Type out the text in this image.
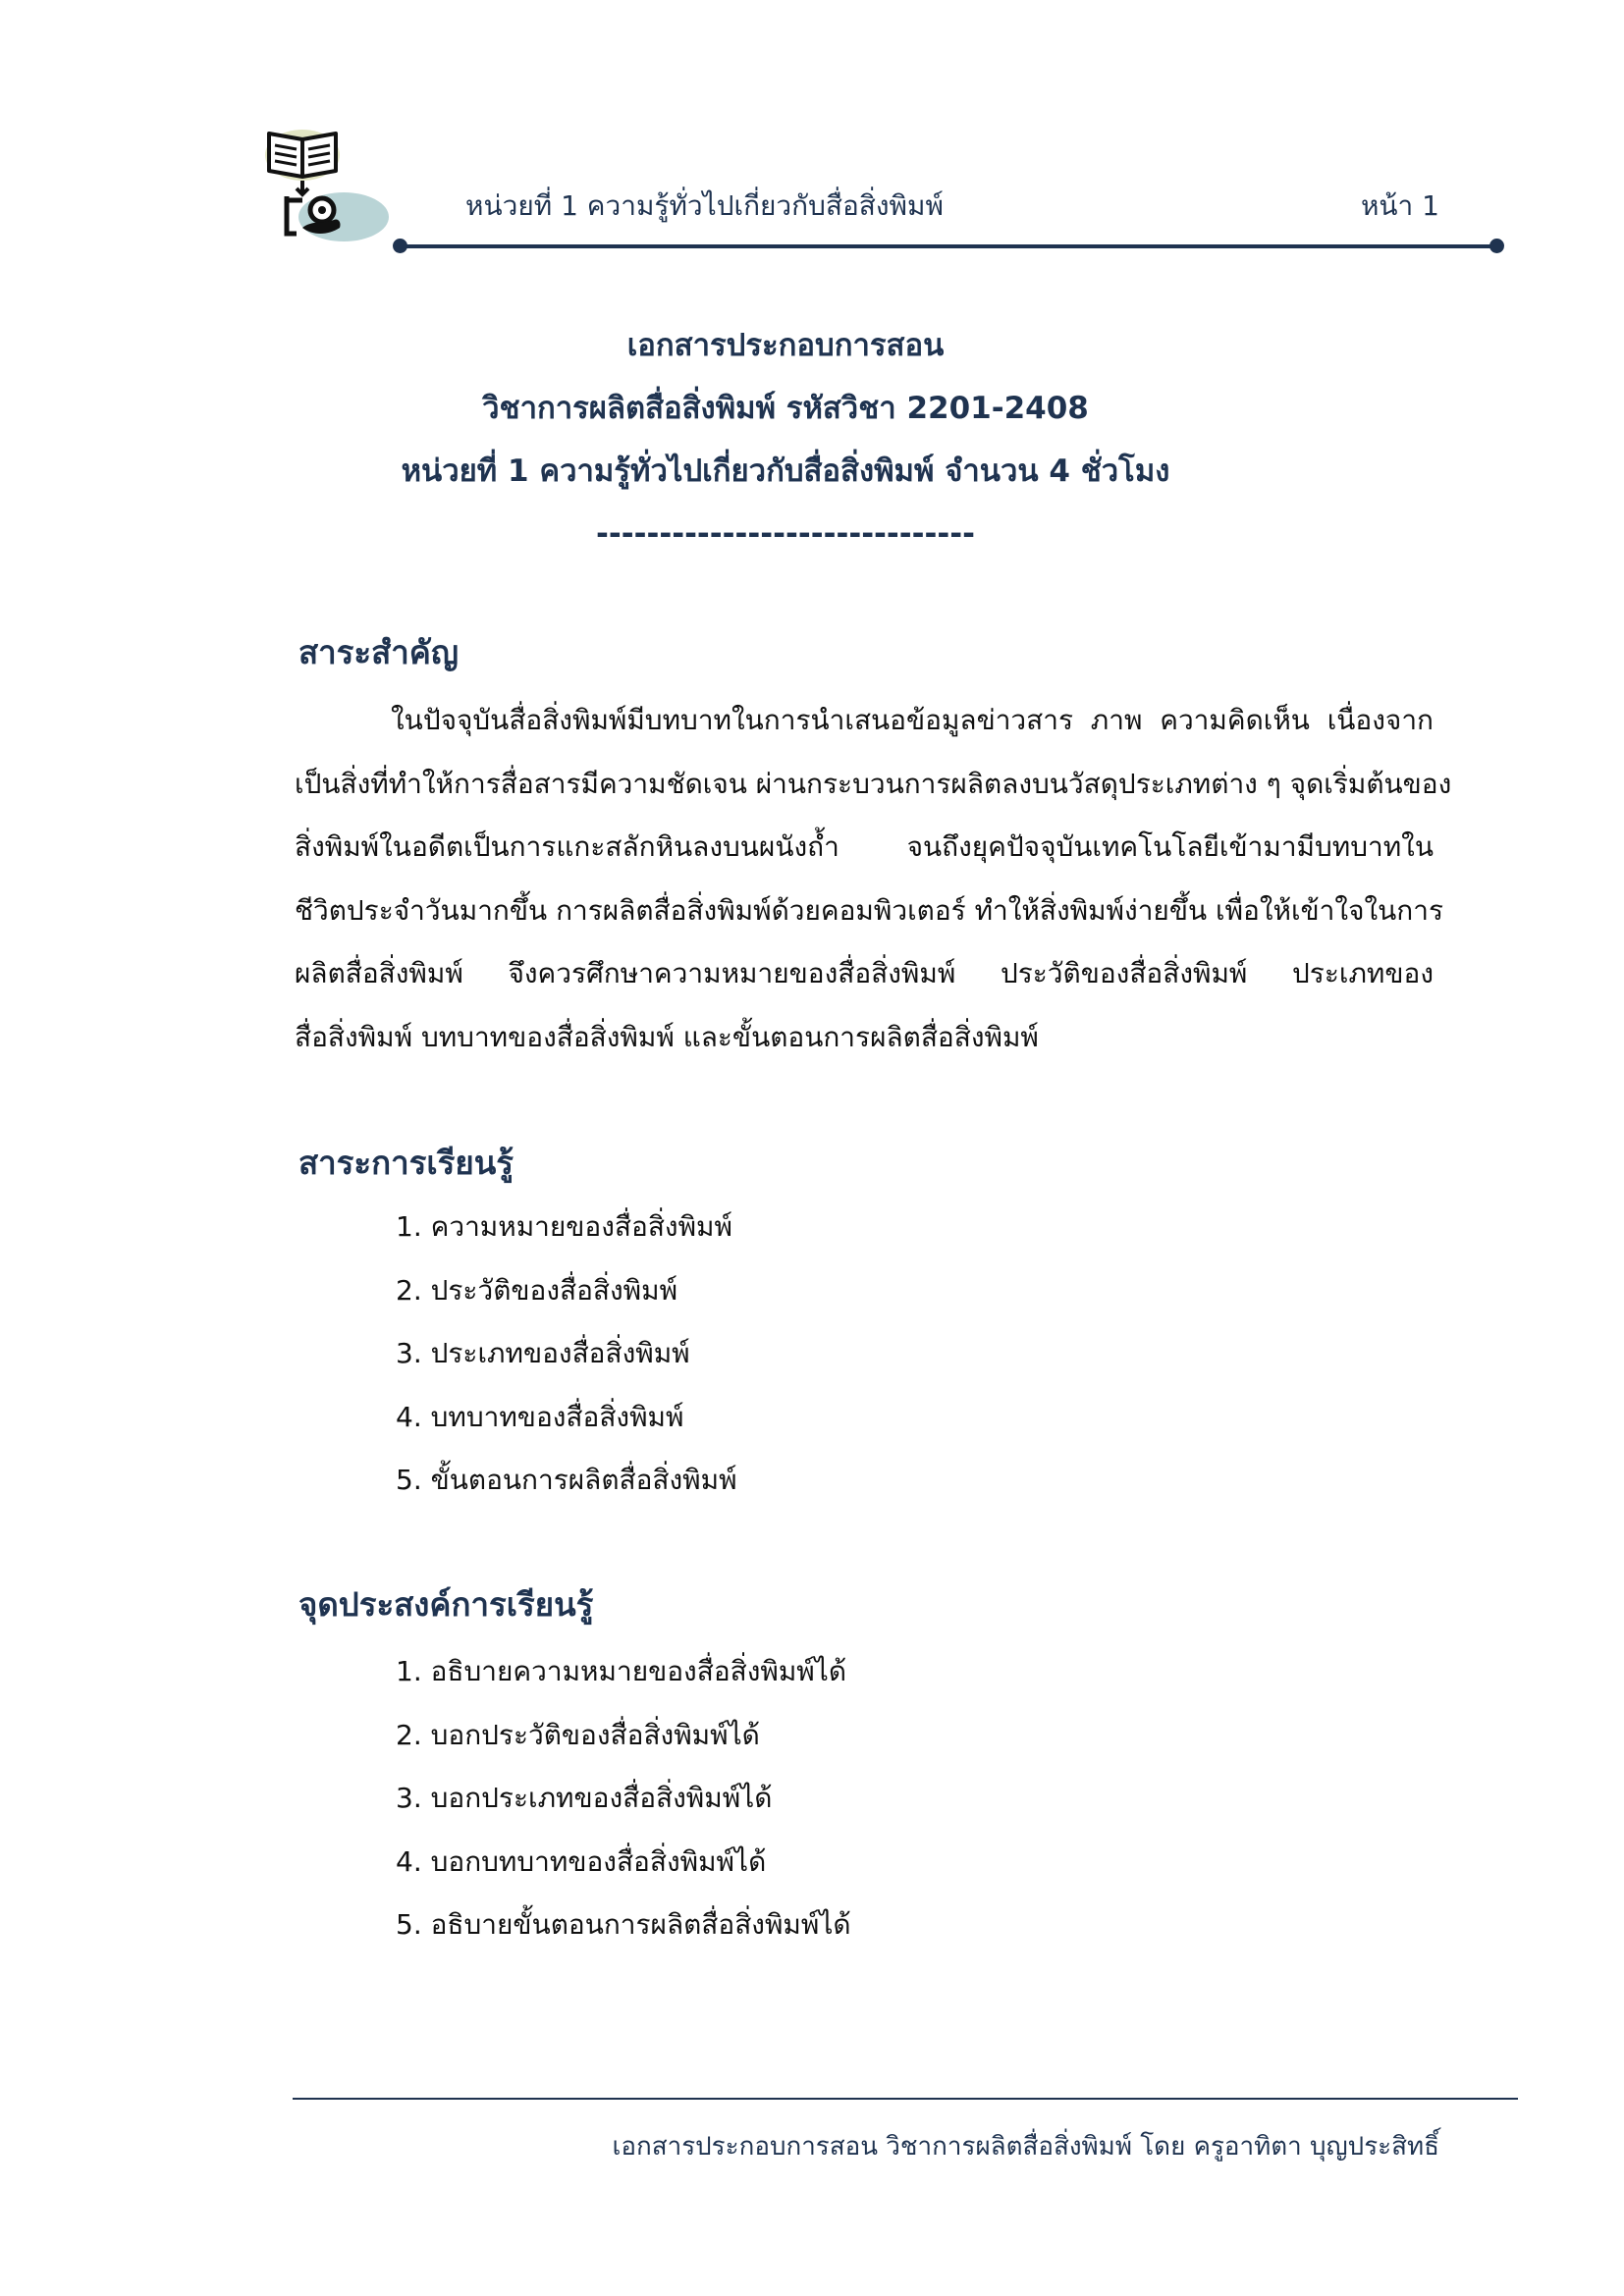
หน่วยที่ 1 ความรู้ทั่วไปเกี่ยวกับสื่อสิ่งพิมพ์	หน้า 1
เอกสารประกอบการสอน
วิชาการผลิตสื่อสิ่งพิมพ์ รหัสวิชา 2201-2408
หน่วยที่ 1 ความรู้ทั่วไปเกี่ยวกับสื่อสิ่งพิมพ์ จำนวน 4 ชั่วโมง
------------------------------
สาระสำคัญ
ในปัจจุบันสื่อสิ่งพิมพ์มีบทบาทในการนำเสนอข้อมูลข่าวสาร ภาพ ความคิดเห็น เนื่องจาก
เป็นสิ่งที่ทำให้การสื่อสารมีความชัดเจน ผ่านกระบวนการผลิตลงบนวัสดุประเภทต่าง ๆ จุดเริ่มต้นของ
สิ่งพิมพ์ในอดีตเป็นการแกะสลักหินลงบนผนังถ้ำ จนถึงยุคปัจจุบันเทคโนโลยีเข้ามามีบทบาทใน
ชีวิตประจำวันมากขึ้น การผลิตสื่อสิ่งพิมพ์ด้วยคอมพิวเตอร์ ทำให้สิ่งพิมพ์ง่ายขึ้น เพื่อให้เข้าใจในการ
ผลิตสื่อสิ่งพิมพ์ จึงควรศึกษาความหมายของสื่อสิ่งพิมพ์ ประวัติของสื่อสิ่งพิมพ์ ประเภทของ
สื่อสิ่งพิมพ์ บทบาทของสื่อสิ่งพิมพ์ และขั้นตอนการผลิตสื่อสิ่งพิมพ์
สาระการเรียนรู้
1. ความหมายของสื่อสิ่งพิมพ์
2. ประวัติของสื่อสิ่งพิมพ์
3. ประเภทของสื่อสิ่งพิมพ์
4. บทบาทของสื่อสิ่งพิมพ์
5. ขั้นตอนการผลิตสื่อสิ่งพิมพ์
จุดประสงค์การเรียนรู้
1. อธิบายความหมายของสื่อสิ่งพิมพ์ได้
2. บอกประวัติของสื่อสิ่งพิมพ์ได้
3. บอกประเภทของสื่อสิ่งพิมพ์ได้
4. บอกบทบาทของสื่อสิ่งพิมพ์ได้
5. อธิบายขั้นตอนการผลิตสื่อสิ่งพิมพ์ได้
เอกสารประกอบการสอน วิชาการผลิตสื่อสิ่งพิมพ์ โดย ครูอาทิตา บุญประสิทธิ์
